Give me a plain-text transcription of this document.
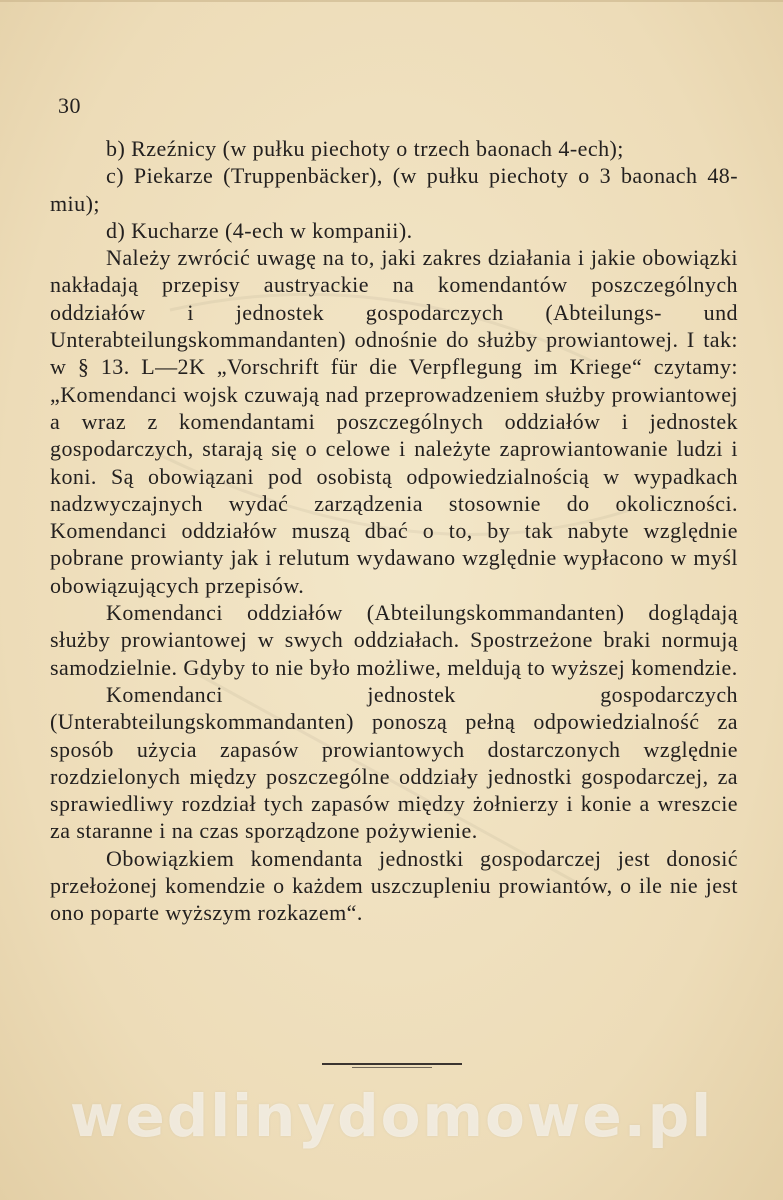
30

b) Rzeźnicy (w pułku piechoty o trzech baonach 4-ech);

c) Piekarze (Truppenbäcker), (w pułku piechoty o 3 baonach 48-miu);

d) Kucharze (4-ech w kompanii).

Należy zwrócić uwagę na to, jaki zakres działania i jakie obowiązki nakładają przepisy austryackie na komendantów poszczególnych oddziałów i jednostek gospodarczych (Abteilungs- und Unterabteilungskommandanten) odnośnie do służby prowiantowej. I tak: w § 13. L—2K „Vorschrift für die Verpflegung im Kriege“ czytamy: „Komendanci wojsk czuwają nad przeprowadzeniem służby prowiantowej a wraz z komendantami poszczególnych oddziałów i jednostek gospodarczych, starają się o celowe i należyte zaprowiantowanie ludzi i koni. Są obowiązani pod osobistą odpowiedzialnością w wypadkach nadzwyczajnych wydać zarządzenia stosownie do okoliczności. Komendanci oddziałów muszą dbać o to, by tak nabyte względnie pobrane prowianty jak i relutum wydawano względnie wypłacono w myśl obowiązujących przepisów.

Komendanci oddziałów (Abteilungskommandanten) doglądają służby prowiantowej w swych oddziałach. Spostrzeżone braki normują samodzielnie. Gdyby to nie było możliwe, meldują to wyższej komendzie.

Komendanci jednostek gospodarczych (Unterabteilungskommandanten) ponoszą pełną odpowiedzialność za sposób użycia zapasów prowiantowych dostarczonych względnie rozdzielonych między poszczególne oddziały jednostki gospodarczej, za sprawiedliwy rozdział tych zapasów między żołnierzy i konie a wreszcie za staranne i na czas sporządzone pożywienie.

Obowiązkiem komendanta jednostki gospodarczej jest donosić przełożonej komendzie o każdem uszczupleniu prowiantów, o ile nie jest ono poparte wyższym rozkazem“.

wedlinydomowe.pl
